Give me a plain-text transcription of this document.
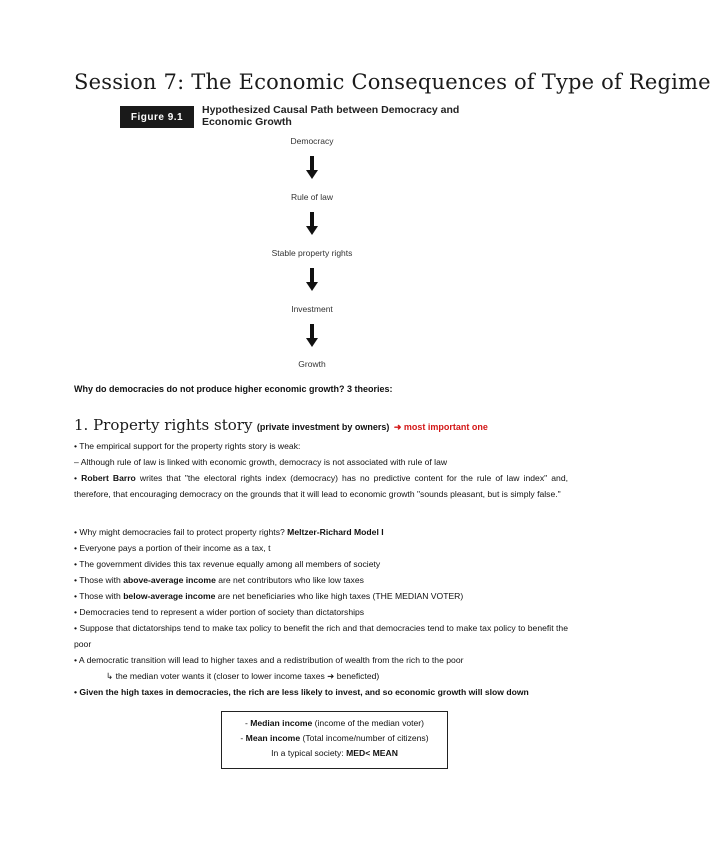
Session 7: The Economic Consequences of Type of Regime
Figure 9.1
Hypothesized Causal Path between Democracy and Economic Growth
Democracy
Rule of law
Stable property rights
Investment
Growth
Why do democracies do not produce higher economic growth? 3 theories:
1. Property rights story (private investment by owners) ➜ most important one

• The empirical support for the property rights story is weak:

– Although rule of law is linked with economic growth, democracy is not associated with rule of law

• Robert Barro writes that "the electoral rights index (democracy) has no predictive content for the rule of law index" and, therefore, that encouraging democracy on the grounds that it will lead to economic growth "sounds pleasant, but is simply false."

• Why might democracies fail to protect property rights? Meltzer-Richard Model I

• Everyone pays a portion of their income as a tax, t

• The government divides this tax revenue equally among all members of society

• Those with above-average income are net contributors who like low taxes

• Those with below-average income are net beneficiaries who like high taxes (THE MEDIAN VOTER)

• Democracies tend to represent a wider portion of society than dictatorships

• Suppose that dictatorships tend to make tax policy to benefit the rich and that democracies tend to make tax policy to benefit the poor

• A democratic transition will lead to higher taxes and a redistribution of wealth from the rich to the poor

↳ the median voter wants it (closer to lower income taxes ➜ beneficted)

• Given the high taxes in democracies, the rich are less likely to invest, and so economic growth will slow down

- Median income (income of the median voter)
- Mean income (Total income/number of citizens)
In a typical society: MED< MEAN
